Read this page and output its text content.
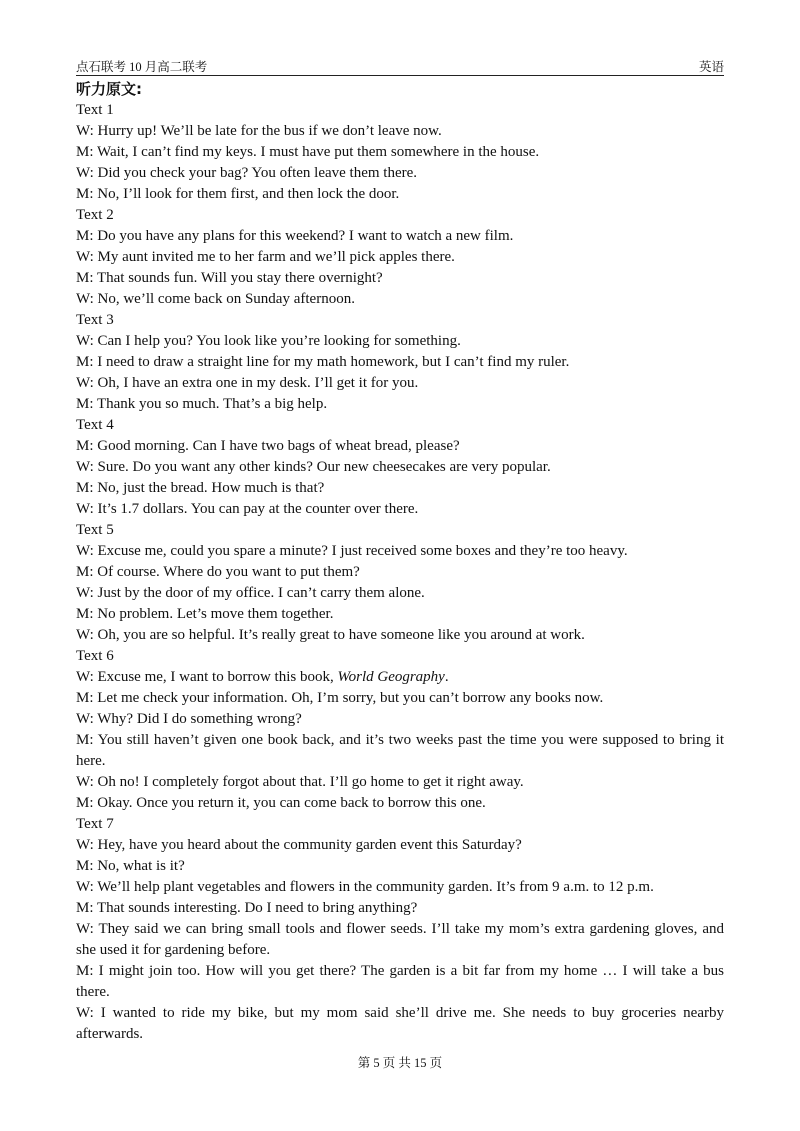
点石联考 10 月高二联考	英语
听力原文:
Text 1
W: Hurry up! We’ll be late for the bus if we don’t leave now.
M: Wait, I can’t find my keys. I must have put them somewhere in the house.
W: Did you check your bag? You often leave them there.
M: No, I’ll look for them first, and then lock the door.
Text 2
M: Do you have any plans for this weekend? I want to watch a new film.
W: My aunt invited me to her farm and we’ll pick apples there.
M: That sounds fun. Will you stay there overnight?
W: No, we’ll come back on Sunday afternoon.
Text 3
W: Can I help you? You look like you’re looking for something.
M: I need to draw a straight line for my math homework, but I can’t find my ruler.
W: Oh, I have an extra one in my desk. I’ll get it for you.
M: Thank you so much. That’s a big help.
Text 4
M: Good morning. Can I have two bags of wheat bread, please?
W: Sure. Do you want any other kinds? Our new cheesecakes are very popular.
M: No, just the bread. How much is that?
W: It’s 1.7 dollars. You can pay at the counter over there.
Text 5
W: Excuse me, could you spare a minute? I just received some boxes and they’re too heavy.
M: Of course. Where do you want to put them?
W: Just by the door of my office. I can’t carry them alone.
M: No problem. Let’s move them together.
W: Oh, you are so helpful. It’s really great to have someone like you around at work.
Text 6
W: Excuse me, I want to borrow this book, World Geography.
M: Let me check your information. Oh, I’m sorry, but you can’t borrow any books now.
W: Why? Did I do something wrong?
M: You still haven’t given one book back, and it’s two weeks past the time you were supposed to bring it here.
W: Oh no! I completely forgot about that. I’ll go home to get it right away.
M: Okay. Once you return it, you can come back to borrow this one.
Text 7
W: Hey, have you heard about the community garden event this Saturday?
M: No, what is it?
W: We’ll help plant vegetables and flowers in the community garden. It’s from 9 a.m. to 12 p.m.
M: That sounds interesting. Do I need to bring anything?
W: They said we can bring small tools and flower seeds. I’ll take my mom’s extra gardening gloves, and she used it for gardening before.
M: I might join too. How will you get there? The garden is a bit far from my home … I will take a bus there.
W: I wanted to ride my bike, but my mom said she’ll drive me. She needs to buy groceries nearby afterwards.
第 5 页 共 15 页
